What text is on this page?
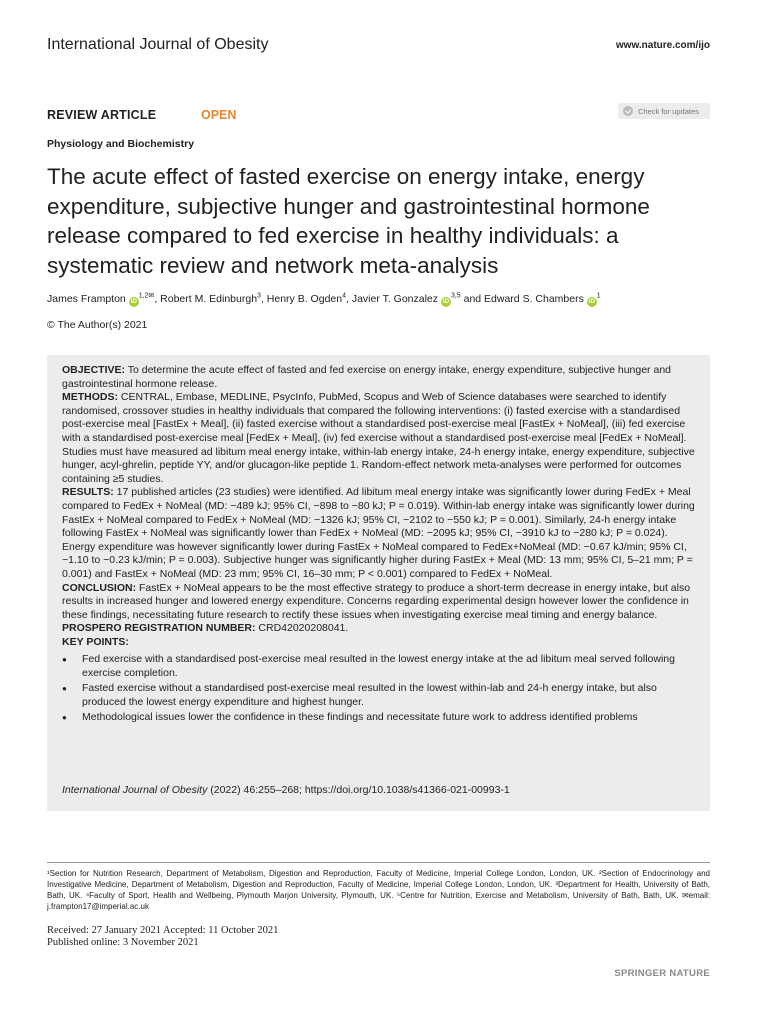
International Journal of Obesity	www.nature.com/ijo
REVIEW ARTICLE	OPEN	Check for updates
Physiology and Biochemistry
The acute effect of fasted exercise on energy intake, energy expenditure, subjective hunger and gastrointestinal hormone release compared to fed exercise in healthy individuals: a systematic review and network meta-analysis
James Frampton $iD^{1,2✉}$, Robert M. Edinburgh$^3$, Henry B. Ogden$^4$, Javier T. Gonzalez iD$^{3,5}$ and Edward S. Chambers $iD^1$
© The Author(s) 2021

OBJECTIVE: To determine the acute effect of fasted and fed exercise on energy intake, energy expenditure, subjective hunger and gastrointestinal hormone release.

METHODS: CENTRAL, Embase, MEDLINE, PsycInfo, PubMed, Scopus and Web of Science databases were searched to identify randomised, crossover studies in healthy individuals that compared the following interventions: (i) fasted exercise with a standardised post-exercise meal [FastEx + Meal], (ii) fasted exercise without a standardised post-exercise meal [FastEx + NoMeal], (iii) fed exercise with a standardised post-exercise meal [FedEx + Meal], (iv) fed exercise without a standardised post-exercise meal [FedEx + NoMeal]. Studies must have measured ad libitum meal energy intake, within-lab energy intake, 24-h energy intake, energy expenditure, subjective hunger, acyl-ghrelin, peptide YY, and/or glucagon-like peptide 1. Random-effect network meta-analyses were performed for outcomes containing ≥5 studies.

RESULTS: 17 published articles (23 studies) were identified. Ad libitum meal energy intake was significantly lower during FedEx + Meal compared to FedEx + NoMeal (MD: −489 kJ; 95% CI, −898 to −80 kJ; P = 0.019). Within-lab energy intake was significantly lower during FastEx + NoMeal compared to FedEx + NoMeal (MD: −1326 kJ; 95% CI, −2102 to −550 kJ; P = 0.001). Similarly, 24-h energy intake following FastEx + NoMeal was significantly lower than FedEx + NoMeal (MD: −2095 kJ; 95% CI, −3910 kJ to −280 kJ; P = 0.024). Energy expenditure was however significantly lower during FastEx + NoMeal compared to FedEx+NoMeal (MD: −0.67 kJ/min; 95% CI, −1.10 to −0.23 kJ/min; P = 0.003). Subjective hunger was significantly higher during FastEx + Meal (MD: 13 mm; 95% CI, 5–21 mm; P = 0.001) and FastEx + NoMeal (MD: 23 mm; 95% CI, 16–30 mm; P < 0.001) compared to FedEx + NoMeal.

CONCLUSION: FastEx + NoMeal appears to be the most effective strategy to produce a short-term decrease in energy intake, but also results in increased hunger and lowered energy expenditure. Concerns regarding experimental design however lower the confidence in these findings, necessitating future research to rectify these issues when investigating exercise meal timing and energy balance.

PROSPERO REGISTRATION NUMBER: CRD42020208041.

KEY POINTS:

● Fed exercise with a standardised post-exercise meal resulted in the lowest energy intake at the ad libitum meal served following exercise completion.
● Fasted exercise without a standardised post-exercise meal resulted in the lowest within-lab and 24-h energy intake, but also produced the lowest energy expenditure and highest hunger.
● Methodological issues lower the confidence in these findings and necessitate future work to address identified problems
International Journal of Obesity (2022) 46:255–268; https://doi.org/10.1038/s41366-021-00993-1
¹Section for Nutrition Research, Department of Metabolism, Digestion and Reproduction, Faculty of Medicine, Imperial College London, London, UK. ²Section of Endocrinology and Investigative Medicine, Department of Metabolism, Digestion and Reproduction, Faculty of Medicine, Imperial College London, London, UK. ³Department for Health, University of Bath, Bath, UK. ⁴Faculty of Sport, Health and Wellbeing, Plymouth Marjon University, Plymouth, UK. ⁵Centre for Nutrition, Exercise and Metabolism, University of Bath, Bath, UK. ✉email: j.frampton17@imperial.ac.uk
Received: 27 January 2021 Accepted: 11 October 2021
Published online: 3 November 2021
SPRINGER NATURE
